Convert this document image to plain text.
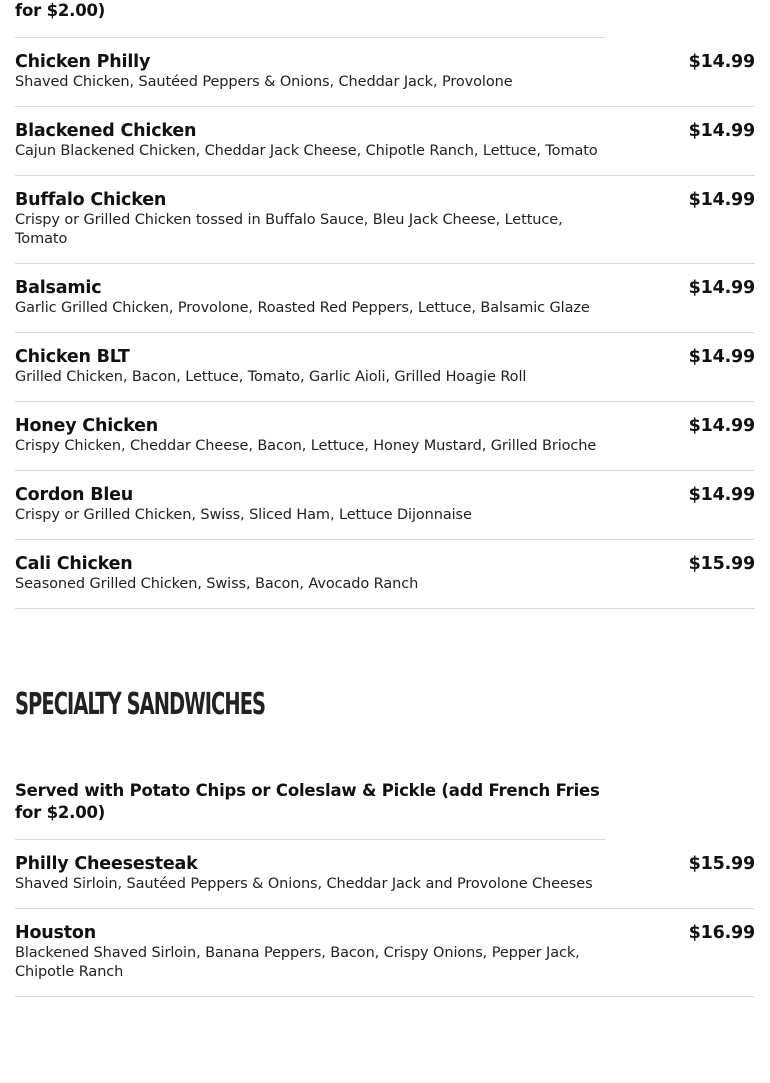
for $2.00)

Chicken Philly
Shaved Chicken, Sautéed Peppers & Onions, Cheddar Jack, Provolone
$14.99
Blackened Chicken
Cajun Blackened Chicken, Cheddar Jack Cheese, Chipotle Ranch, Lettuce, Tomato
$14.99
Buffalo Chicken
Crispy or Grilled Chicken tossed in Buffalo Sauce, Bleu Jack Cheese, Lettuce, Tomato
$14.99
Balsamic
Garlic Grilled Chicken, Provolone, Roasted Red Peppers, Lettuce, Balsamic Glaze
$14.99
Chicken BLT
Grilled Chicken, Bacon, Lettuce, Tomato, Garlic Aioli, Grilled Hoagie Roll
$14.99
Honey Chicken
Crispy Chicken, Cheddar Cheese, Bacon, Lettuce, Honey Mustard, Grilled Brioche
$14.99
Cordon Bleu
Crispy or Grilled Chicken, Swiss, Sliced Ham, Lettuce Dijonnaise
$14.99
Cali Chicken
Seasoned Grilled Chicken, Swiss, Bacon, Avocado Ranch
$15.99
SPECIALTY SANDWICHES

Served with Potato Chips or Coleslaw & Pickle (add French Fries for $2.00)

Philly Cheesesteak
Shaved Sirloin, Sautéed Peppers & Onions, Cheddar Jack and Provolone Cheeses
$15.99
Houston
Blackened Shaved Sirloin, Banana Peppers, Bacon, Crispy Onions, Pepper Jack, Chipotle Ranch
$16.99
